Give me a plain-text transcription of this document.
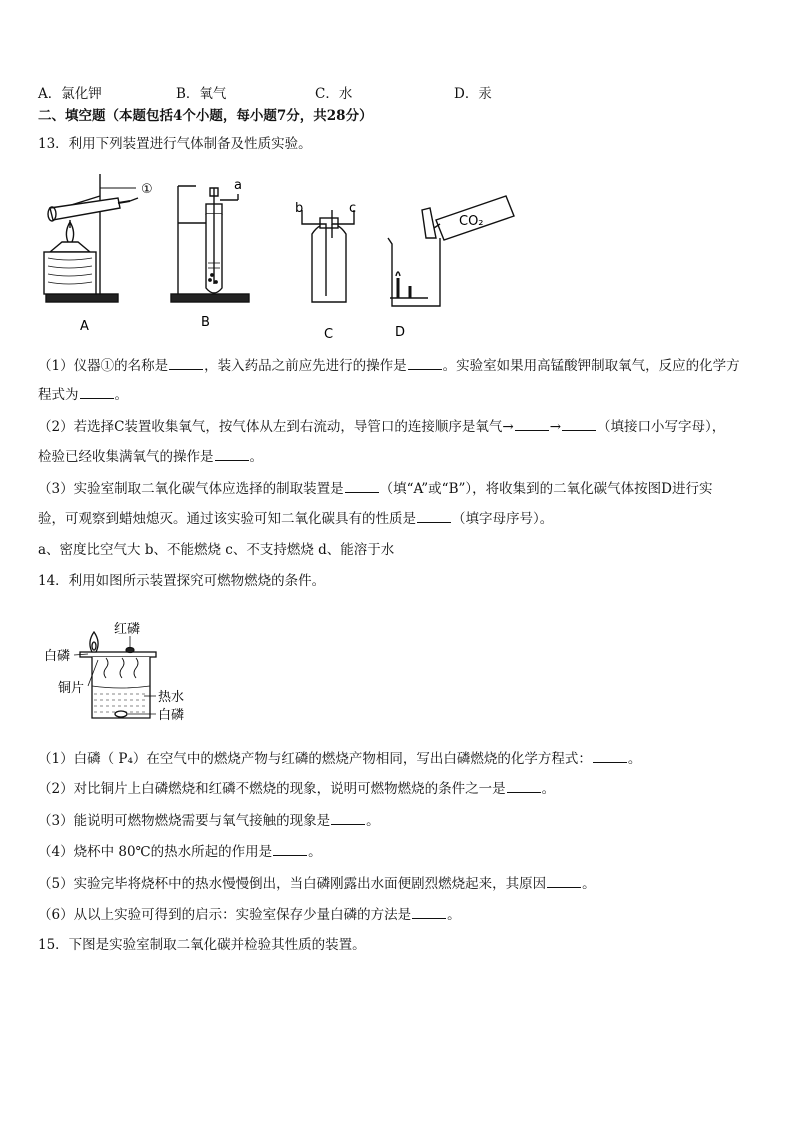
A．氯化钾	B．氧气	C．水	D．汞
二、填空题（本题包括4个小题，每小题7分，共28分）
13．利用下列装置进行气体制备及性质实验。
①
A
a
B
b	c
C
CO₂
D
（1）仪器①的名称是	，装入药品之前应先进行的操作是	。实验室如果用高锰酸钾制取氧气，反应的化学方
程式为	。
（2）若选择C装置收集氧气，按气体从左到右流动，导管口的连接顺序是氧气→	→	（填接口小写字母），
检验已经收集满氧气的操作是	。
（3）实验室制取二氧化碳气体应选择的制取装置是	（填“A”或“B”），将收集到的二氧化碳气体按图D进行实
验，可观察到蜡烛熄灭。通过该实验可知二氧化碳具有的性质是	（填字母序号）。
a、密度比空气大 b、不能燃烧 c、不支持燃烧 d、能溶于水
14．利用如图所示装置探究可燃物燃烧的条件。
红磷
白磷
铜片
热水
白磷
（1）白磷（ P₄）在空气中的燃烧产物与红磷的燃烧产物相同，写出白磷燃烧的化学方程式：	。
（2）对比铜片上白磷燃烧和红磷不燃烧的现象，说明可燃物燃烧的条件之一是	。
（3）能说明可燃物燃烧需要与氧气接触的现象是	。
（4）烧杯中 80℃的热水所起的作用是	。
（5）实验完毕将烧杯中的热水慢慢倒出，当白磷刚露出水面便剧烈燃烧起来，其原因	。
（6）从以上实验可得到的启示：实验室保存少量白磷的方法是	。
15．下图是实验室制取二氧化碳并检验其性质的装置。
